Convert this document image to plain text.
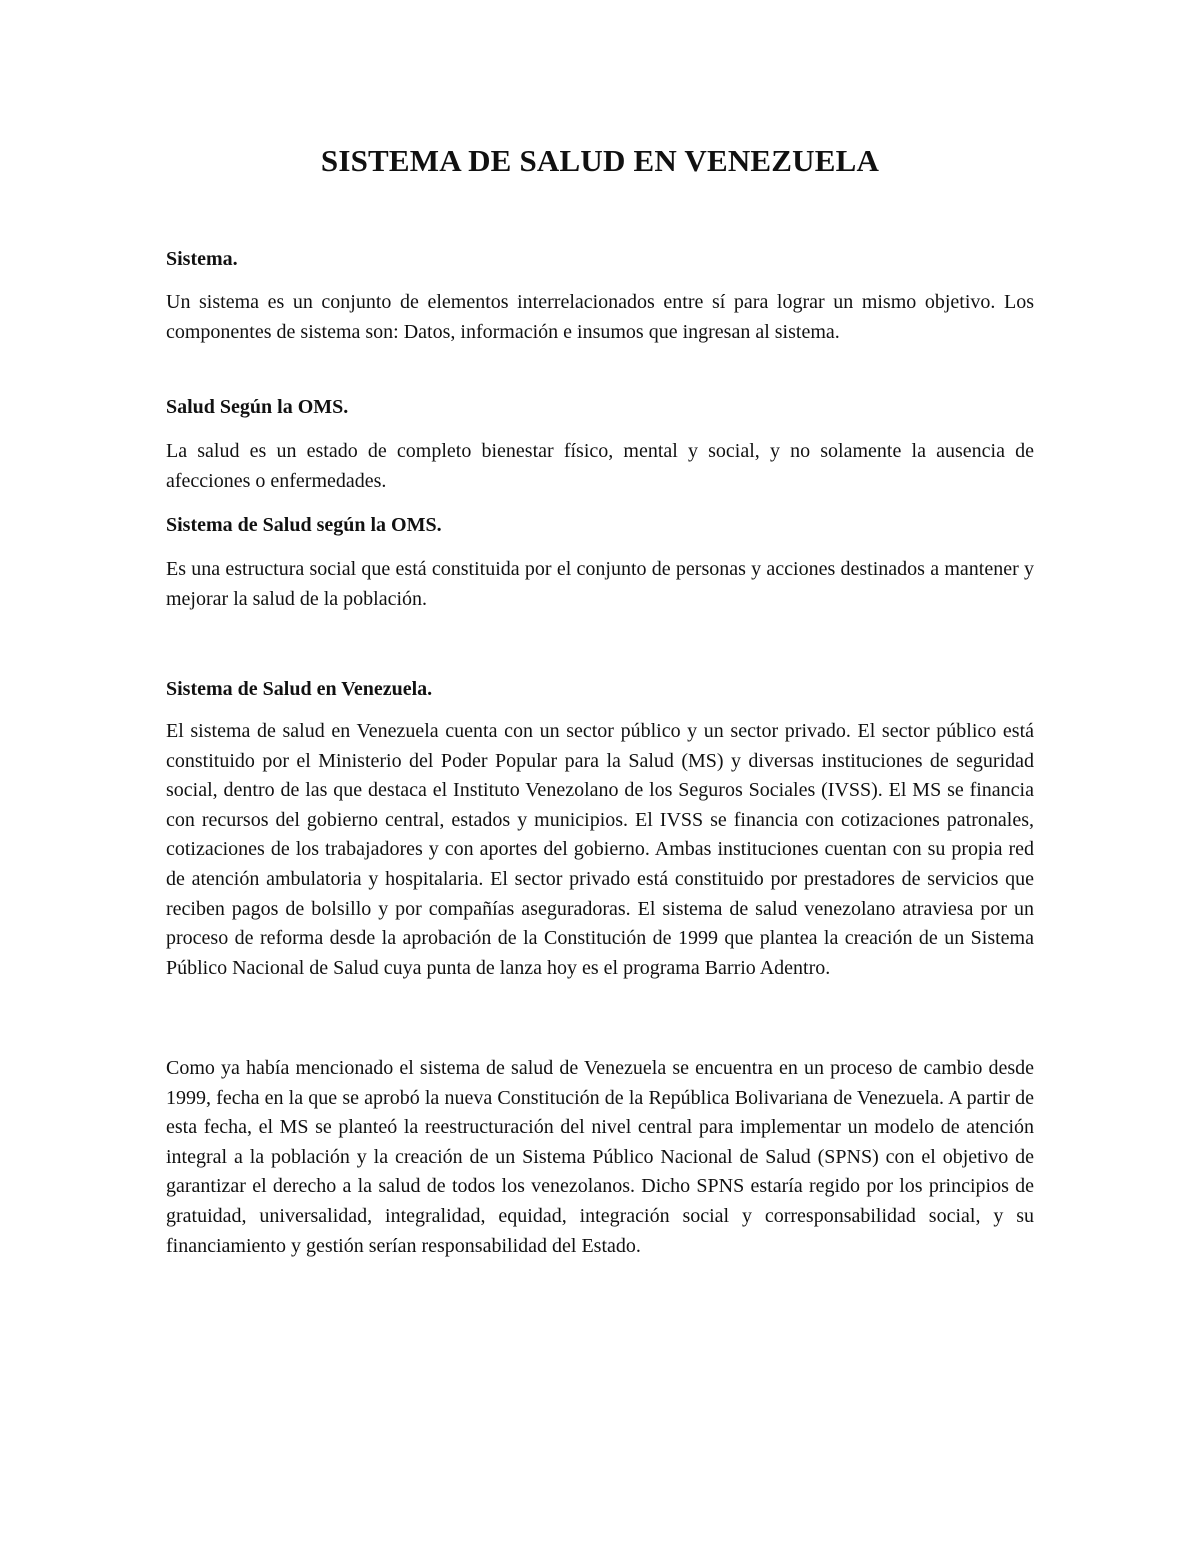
SISTEMA DE SALUD EN VENEZUELA
Sistema.

Un sistema es un conjunto de elementos interrelacionados entre sí para lograr un mismo objetivo. Los componentes de sistema son: Datos, información e insumos que ingresan al sistema.

Salud Según la OMS.

La salud es un estado de completo bienestar físico, mental y social, y no solamente la ausencia de afecciones o enfermedades.

Sistema de Salud según la OMS.

Es una estructura social que está constituida por el conjunto de personas y acciones destinados a mantener y mejorar la salud de la población.

Sistema de Salud en Venezuela.

El sistema de salud en Venezuela cuenta con un sector público y un sector privado. El sector público está constituido por el Ministerio del Poder Popular para la Salud (MS) y diversas instituciones de seguridad social, dentro de las que destaca el Instituto Venezolano de los Seguros Sociales (IVSS). El MS se financia con recursos del gobierno central, estados y municipios. El IVSS se financia con cotizaciones patronales, cotizaciones de los trabajadores y con aportes del gobierno. Ambas instituciones cuentan con su propia red de atención ambulatoria y hospitalaria. El sector privado está constituido por prestadores de servicios que reciben pagos de bolsillo y por compañías aseguradoras. El sistema de salud venezolano atraviesa por un proceso de reforma desde la aprobación de la Constitución de 1999 que plantea la creación de un Sistema Público Nacional de Salud cuya punta de lanza hoy es el programa Barrio Adentro.

Como ya había mencionado el sistema de salud de Venezuela se encuentra en un proceso de cambio desde 1999, fecha en la que se aprobó la nueva Constitución de la República Bolivariana de Venezuela. A partir de esta fecha, el MS se planteó la reestructuración del nivel central para implementar un modelo de atención integral a la población y la creación de un Sistema Público Nacional de Salud (SPNS) con el objetivo de garantizar el derecho a la salud de todos los venezolanos. Dicho SPNS estaría regido por los principios de gratuidad, universalidad, integralidad, equidad, integración social y corresponsabilidad social, y su financiamiento y gestión serían responsabilidad del Estado.
